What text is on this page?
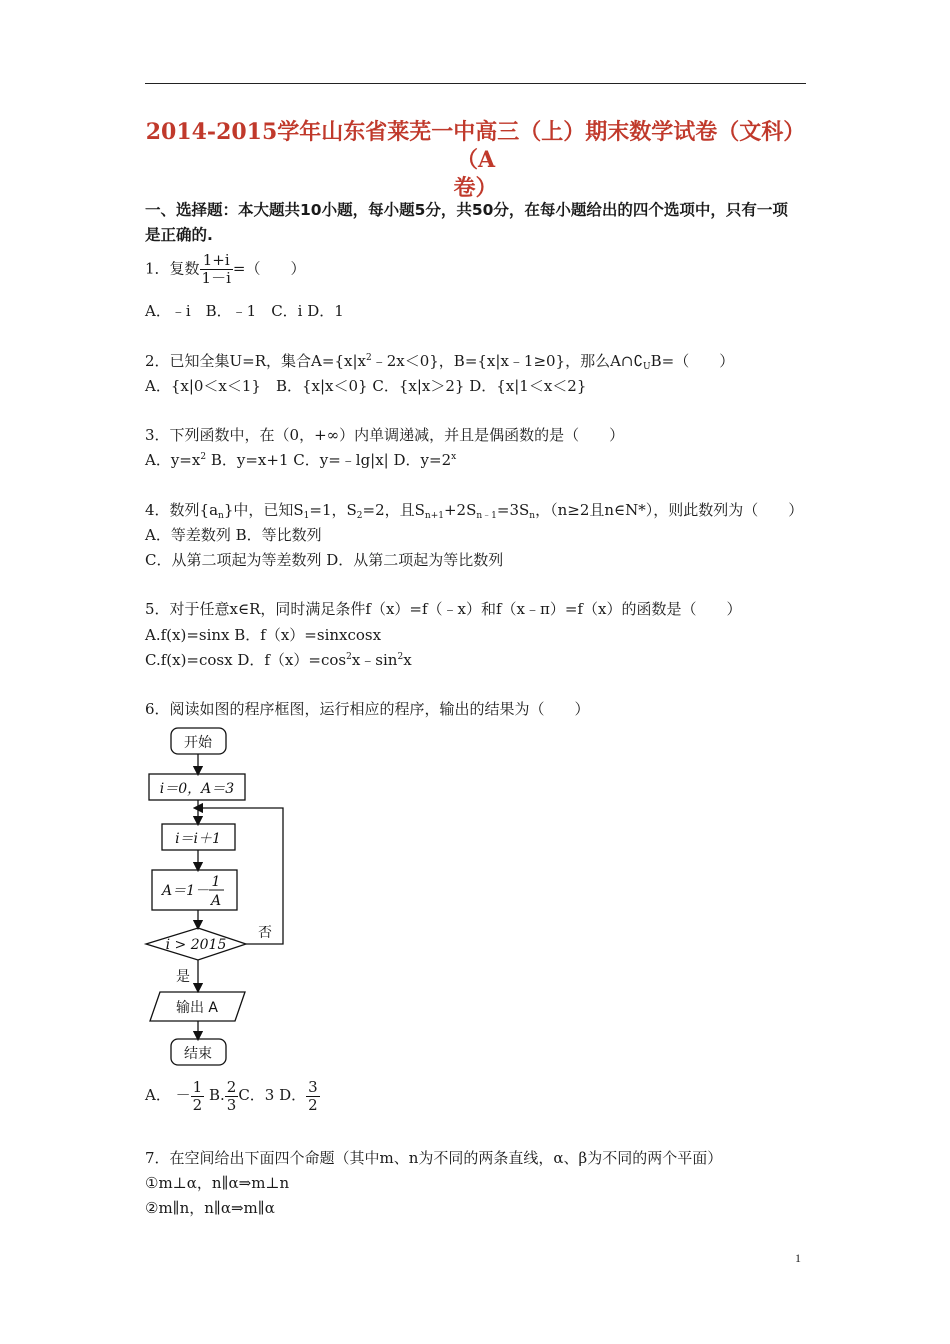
2014-2015学年山东省莱芜一中高三（上）期末数学试卷（文科）（A
卷）
一、选择题：本大题共10小题，每小题5分，共50分，在每小题给出的四个选项中，只有一项
是正确的.
1．复数 $\frac{1+i}{1-i}$ =（　　）
A．﹣i　B．﹣1　C．i D．1
2．已知全集U=R，集合$A=\{x|x^2﹣2x<0\}$，B={x|x﹣1≥0}，那么$A\cap∁_UB=$（　　）
A．{x|0＜x＜1}　B．{x|x＜0} C．{x|x＞2} D．{x|1＜x＜2}
3．下列函数中，在（0，+∞）内单调递减，并且是偶函数的是（　　）
A．$y=x^2$ B．y=x+1 C．y=﹣lg|x| D．$y=2^x$
4．数列$\{a_n\}$中，已知$S_1=1$，$S_2=2$，且$S_{n+1}+2S_{n﹣1}=3S_n$，（n≥2且n∈N*），则此数列为（　　）
A．等差数列 B．等比数列
C．从第二项起为等差数列 D．从第二项起为等比数列
5．对于任意x∈R，同时满足条件f（x）=f（﹣x）和f（x﹣π）=f（x）的函数是（　　）
A.f(x)=sinx B．f（x）=sinxcosx
C.f(x)=cosx D．$f(x)=\cos^2x﹣\sin^2x$
6．阅读如图的程序框图，运行相应的程序，输出的结果为（　　）
开始
i＝0，A＝3
i＝i＋1
A＝1－
1
A
i > 2015
否
是
输出 A
结束
A． － $\frac{1}{2} B$. $\frac{2}{3}$ C．3 D． $\frac{3}{2}$
7．在空间给出下面四个命题（其中m、n为不同的两条直线，α、β为不同的两个平面）
①m⊥α，n∥α⇒m⊥n
②m∥n，n∥α⇒m∥α
1
